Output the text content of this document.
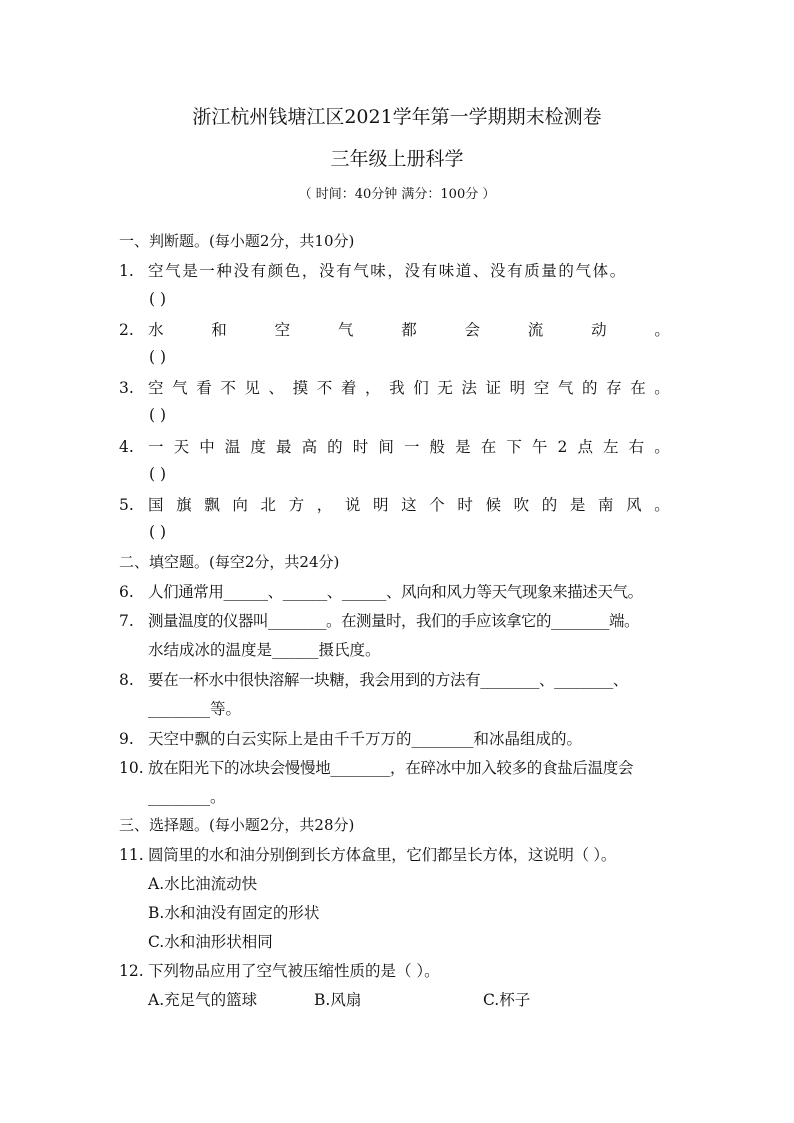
浙江杭州钱塘江区2021学年第一学期期末检测卷
三年级上册科学
（ 时间：40分钟 满分：100分 ）
一、判断题。(每小题2分，共10分)
1. 空气是一种没有颜色，没有气味，没有味道、没有质量的气体。
( )
2. 水	和	空	气	都	会	流	动	。
( )
3. 空 气 看 不 见 、 摸 不 着 ， 我 们 无 法 证 明 空 气 的 存 在 。
( )
4. 一 天 中 温 度 最 高 的 时 间 一 般 是 在 下 午 2 点 左 右 。
( )
5. 国 旗 飘 向 北 方 ， 说 明 这 个 时 候 吹 的 是 南 风 。
( )
二、填空题。(每空2分，共24分)
6. 人们通常用______、______、______、风向和风力等天气现象来描述天气。
7. 测量温度的仪器叫________。在测量时，我们的手应该拿它的________端。
水结成冰的温度是______摄氏度。
8. 要在一杯水中很快溶解一块糖，我会用到的方法有________、________、
________等。
9. 天空中飘的白云实际上是由千千万万的________和冰晶组成的。
10. 放在阳光下的冰块会慢慢地________，在碎冰中加入较多的食盐后温度会
________。
三、选择题。(每小题2分，共28分)
11. 圆筒里的水和油分别倒到长方体盒里，它们都呈长方体，这说明（ ）。
A.水比油流动快
B.水和油没有固定的形状
C.水和油形状相同
12. 下列物品应用了空气被压缩性质的是（ ）。
A.充足气的篮球	B.风扇	C.杯子
